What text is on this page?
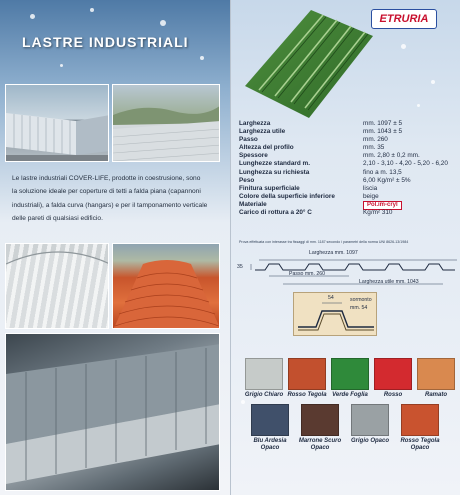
LASTRE INDUSTRIALI
Le lastre industriali COVER-LIFE, prodotte in coestrusione, sono
la soluzione ideale per coperture di tetti a falda piana (capannoni
industriali), a falda curva (hangars) e per il tamponamento verticale
delle pareti di qualsiasi edificio.
ETRURIA
Larghezza	mm. 1097 ± 5
Larghezza utile	mm. 1043 ± 5
Passo	mm. 260
Altezza del profilo	mm. 35
Spessore	mm. 2,80 ± 0,2 mm.
Lunghezze standard m.	2,10 - 3,10 - 4,20 - 5,20 - 6,20
Lunghezza su richiesta	fino a m. 13,5
Peso	6,00 Kg/m² ± 5%
Finitura superficiale	liscia
Colore della superficie inferiore	beige
Materiale	Pol.im-cryl
Carico di rottura a 20° C	Kg/m² 310
Prova effettuata con interasse tra fissaggi di mm. 1187 secondo i parametri della norma UNI 8626-13/1984
Larghezza mm. 1097
35
Passo mm. 260
Larghezza utile mm. 1043
54	sormonto
mm. 54
Grigio Chiaro Rosso Tegola Verde Foglia	Rosso	Ramato
Blu Ardesia Opaco
Marrone Scuro Opaco
Grigio Opaco	Rosso Tegola Opaco
